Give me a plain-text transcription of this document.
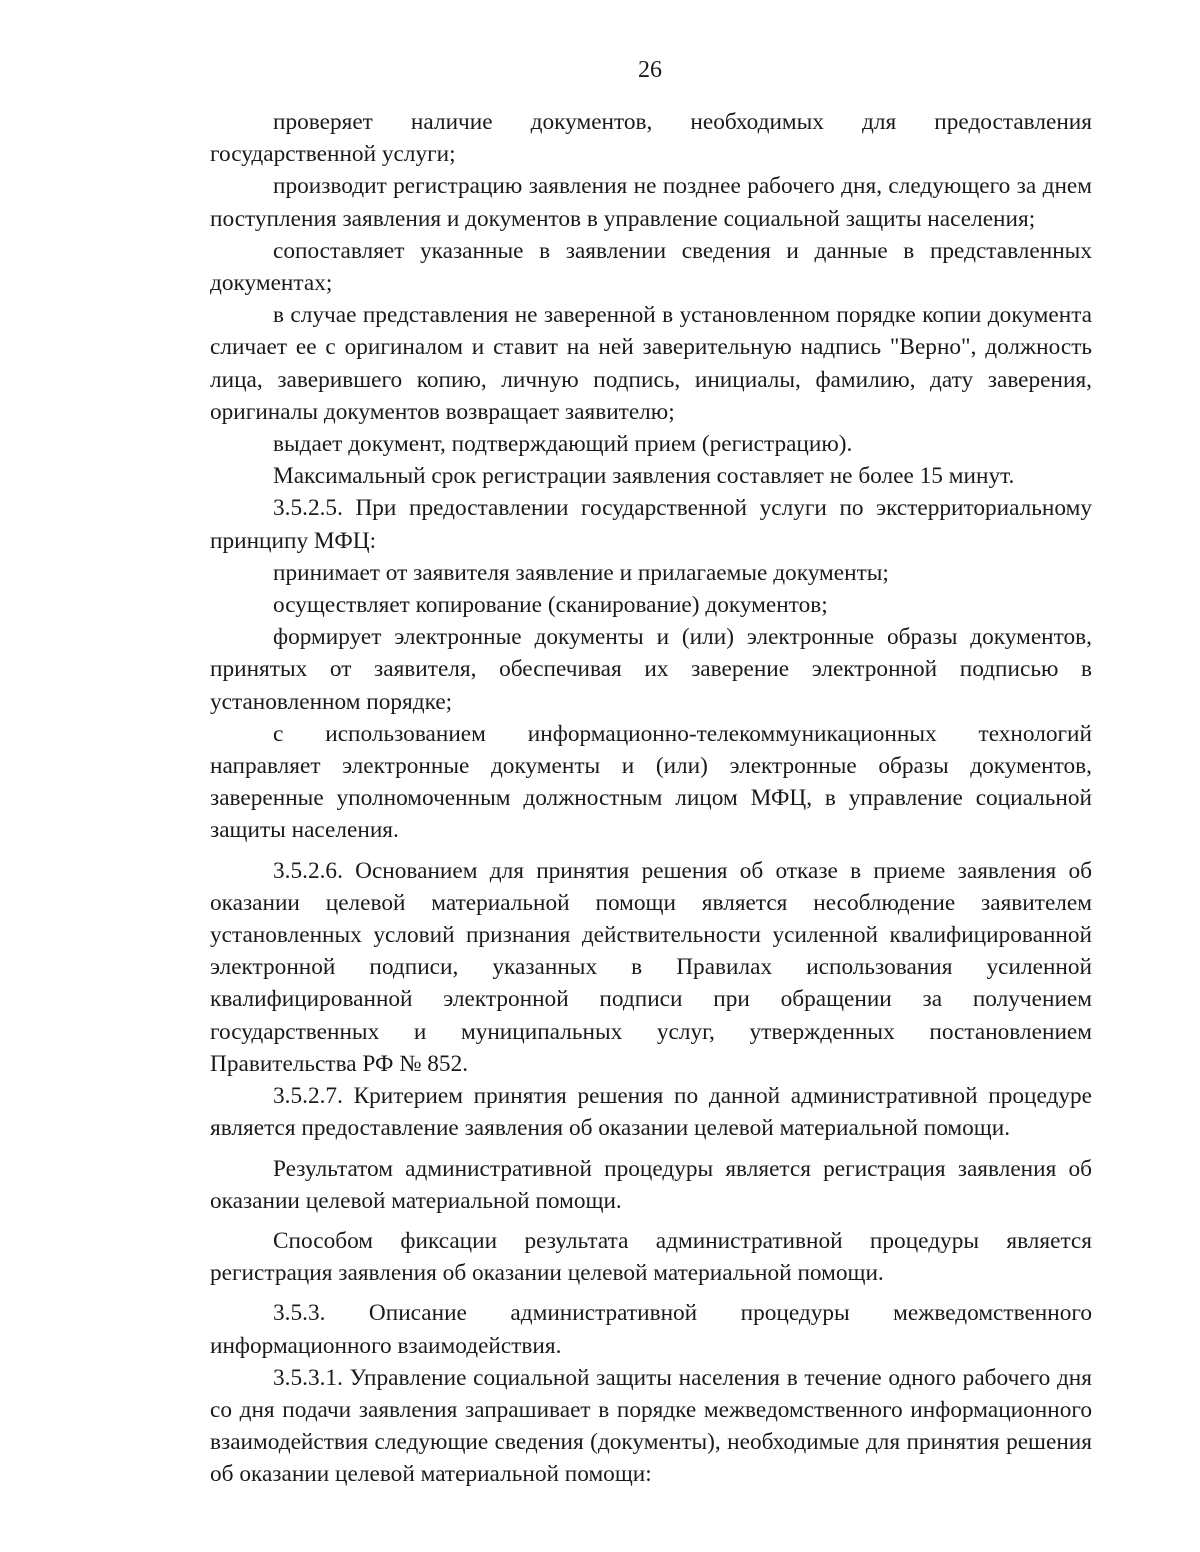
26

проверяет наличие документов, необходимых для предоставления государственной услуги;

производит регистрацию заявления не позднее рабочего дня, следующего за днем поступления заявления и документов в управление социальной защиты населения;

сопоставляет указанные в заявлении сведения и данные в представленных документах;

в случае представления не заверенной в установленном порядке копии документа сличает ее с оригиналом и ставит на ней заверительную надпись "Верно", должность лица, заверившего копию, личную подпись, инициалы, фамилию, дату заверения, оригиналы документов возвращает заявителю;

выдает документ, подтверждающий прием (регистрацию).

Максимальный срок регистрации заявления составляет не более 15 минут.

3.5.2.5. При предоставлении государственной услуги по экстерриториальному принципу МФЦ:

принимает от заявителя заявление и прилагаемые документы;

осуществляет копирование (сканирование) документов;

формирует электронные документы и (или) электронные образы документов, принятых от заявителя, обеспечивая их заверение электронной подписью в установленном порядке;

с использованием информационно-телекоммуникационных технологий направляет электронные документы и (или) электронные образы документов, заверенные уполномоченным должностным лицом МФЦ, в управление социальной защиты населения.

3.5.2.6. Основанием для принятия решения об отказе в приеме заявления об оказании целевой материальной помощи является несоблюдение заявителем установленных условий признания действительности усиленной квалифицированной электронной подписи, указанных в Правилах использования усиленной квалифицированной электронной подписи при обращении за получением государственных и муниципальных услуг, утвержденных постановлением Правительства РФ № 852.

3.5.2.7. Критерием принятия решения по данной административной процедуре является предоставление заявления об оказании целевой материальной помощи.

Результатом административной процедуры является регистрация заявления об оказании целевой материальной помощи.

Способом фиксации результата административной процедуры является регистрация заявления об оказании целевой материальной помощи.

3.5.3. Описание административной процедуры межведомственного информационного взаимодействия.

3.5.3.1. Управление социальной защиты населения в течение одного рабочего дня со дня подачи заявления запрашивает в порядке межведомственного информационного взаимодействия следующие сведения (документы), необходимые для принятия решения об оказании целевой материальной помощи:
